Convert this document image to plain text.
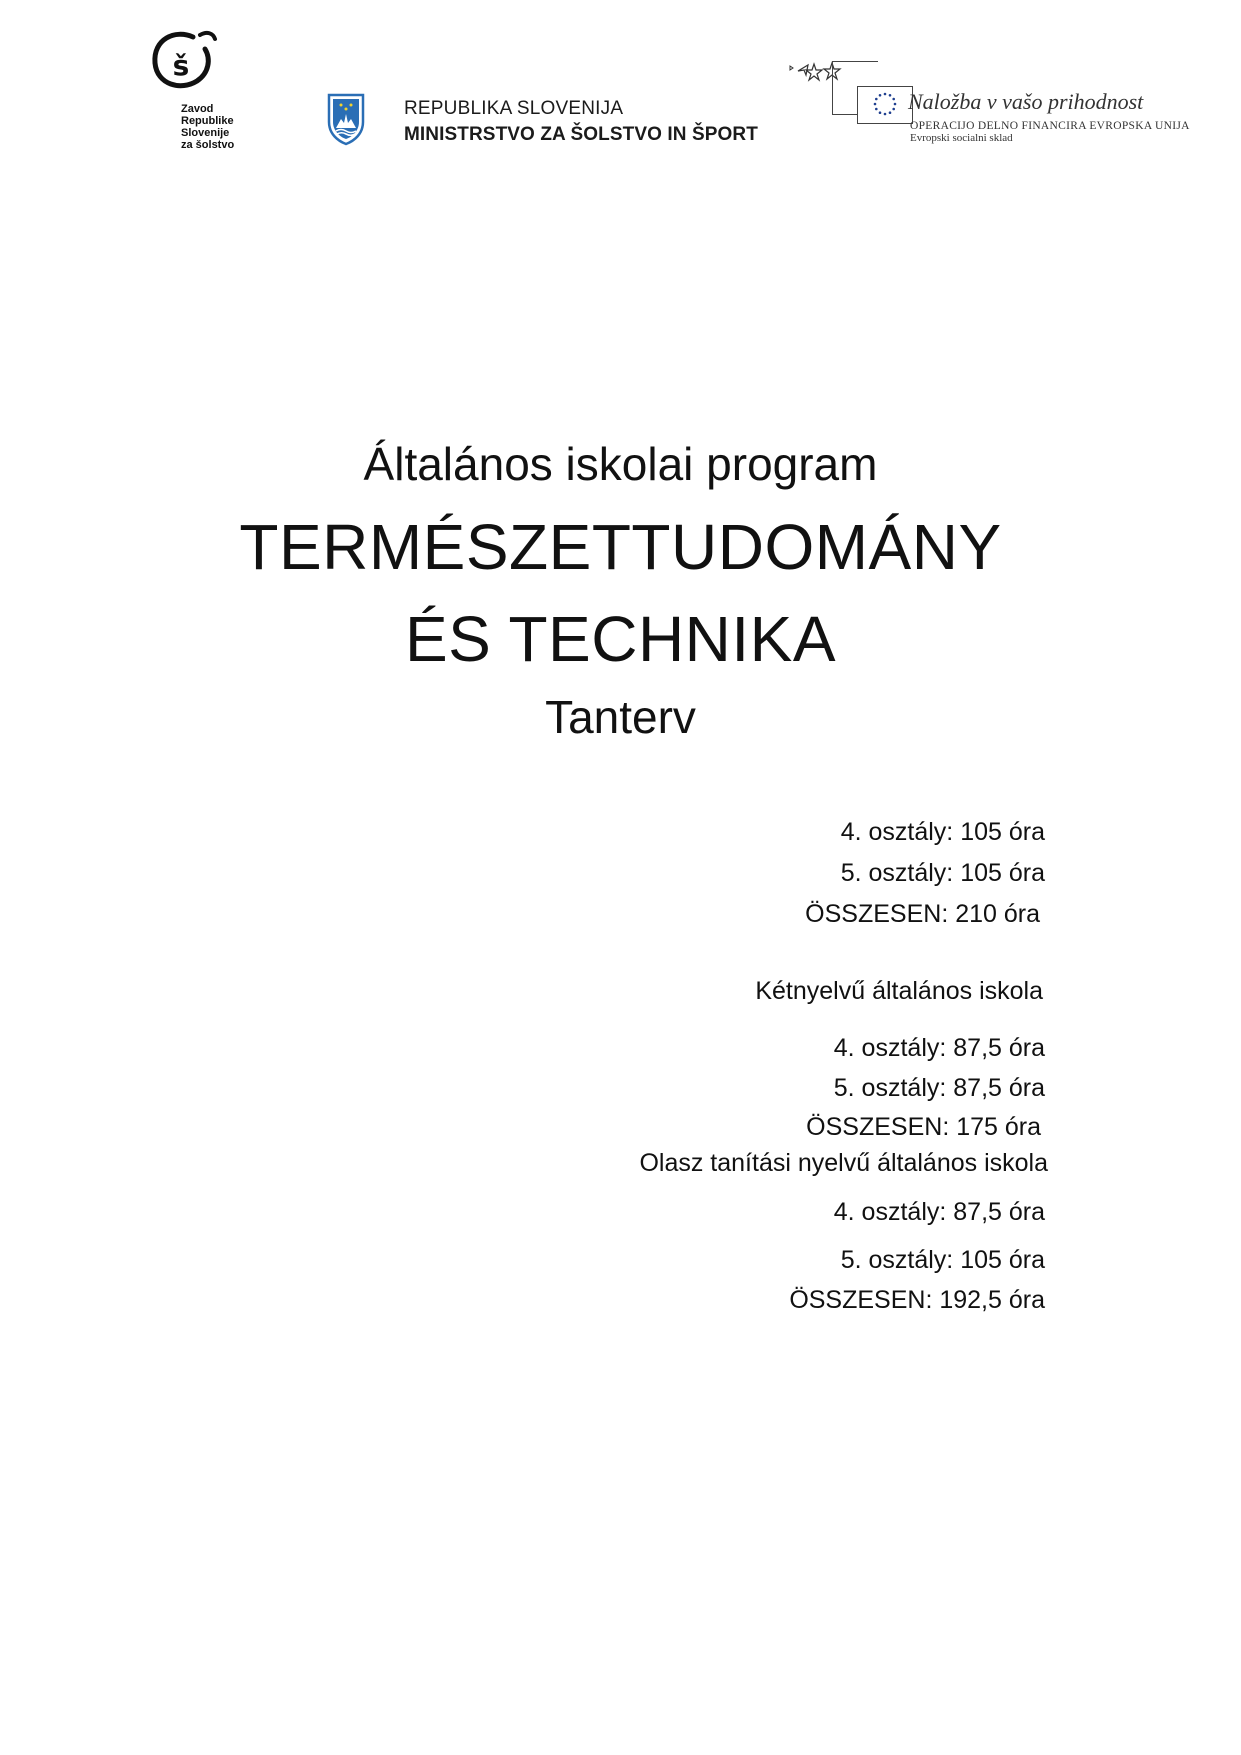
š
Zavod
Republike
Slovenije
za šolstvo
REPUBLIKA SLOVENIJA
MINISTRSTVO ZA ŠOLSTVO IN ŠPORT
Naložba v vašo prihodnost
OPERACIJO DELNO FINANCIRA EVROPSKA UNIJA
Evropski socialni sklad
Általános iskolai program
TERMÉSZETTUDOMÁNY
ÉS TECHNIKA
Tanterv
4. osztály: 105 óra
5. osztály: 105 óra
ÖSSZESEN: 210 óra
Kétnyelvű általános iskola
4. osztály: 87,5 óra
5. osztály: 87,5 óra
ÖSSZESEN: 175 óra
Olasz tanítási nyelvű általános iskola
4. osztály: 87,5 óra
5. osztály: 105 óra
ÖSSZESEN: 192,5 óra
